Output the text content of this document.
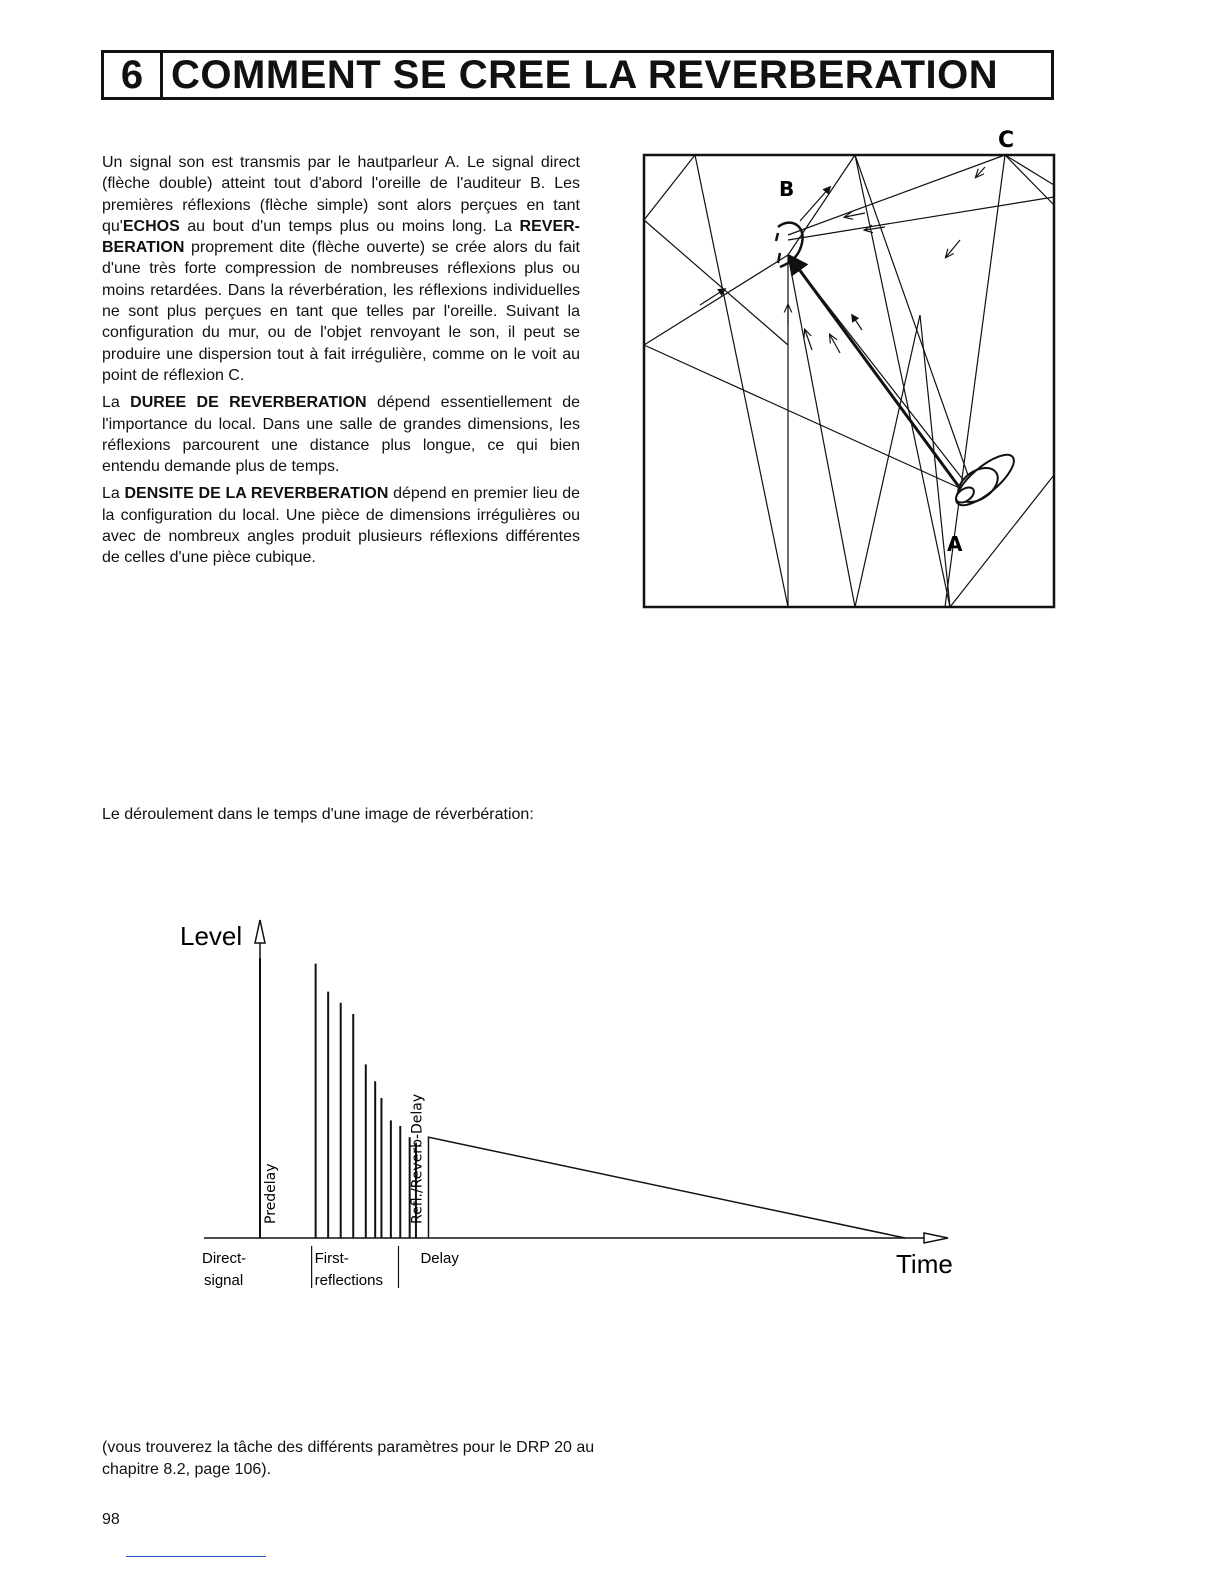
6 COMMENT SE CREE LA REVERBERATION

Un signal son est transmis par le hautparleur A. Le signal direct (flèche double) atteint tout d'abord l'oreille de l'auditeur B. Les premières réflexions (flèche simple) sont alors perçues en tant qu'ECHOS au bout d'un temps plus ou moins long. La REVERBERATION proprement dite (flèche ouverte) se crée alors du fait d'une très forte compression de nombreuses réflexions plus ou moins retardées. Dans la réverbération, les réflexions individuelles ne sont plus perçues en tant que telles par l'oreille. Suivant la configuration du mur, ou de l'objet renvoyant le son, il peut se produire une dispersion tout à fait irrégulière, comme on le voit au point de réflexion C.

La DUREE DE REVERBERATION dépend essentiellement de l'importance du local. Dans une salle de grandes dimensions, les réflexions parcourent une distance plus longue, ce qui bien entendu demande plus de temps.

La DENSITE DE LA REVERBERATION dépend en premier lieu de la configuration du local. Une pièce de dimensions irrégulières ou avec de nombreux angles produit plusieurs réflexions différentes de celles d'une pièce cubique.

C
B
A
Le déroulement dans le temps d'une image de réverbération:
Level
Time
Predelay	Refl./Reverb-Delay
Direct-
signal
First-
reflections
Delay
(vous trouverez la tâche des différents paramètres pour le DRP 20 au chapitre 8.2, page 106).
98
